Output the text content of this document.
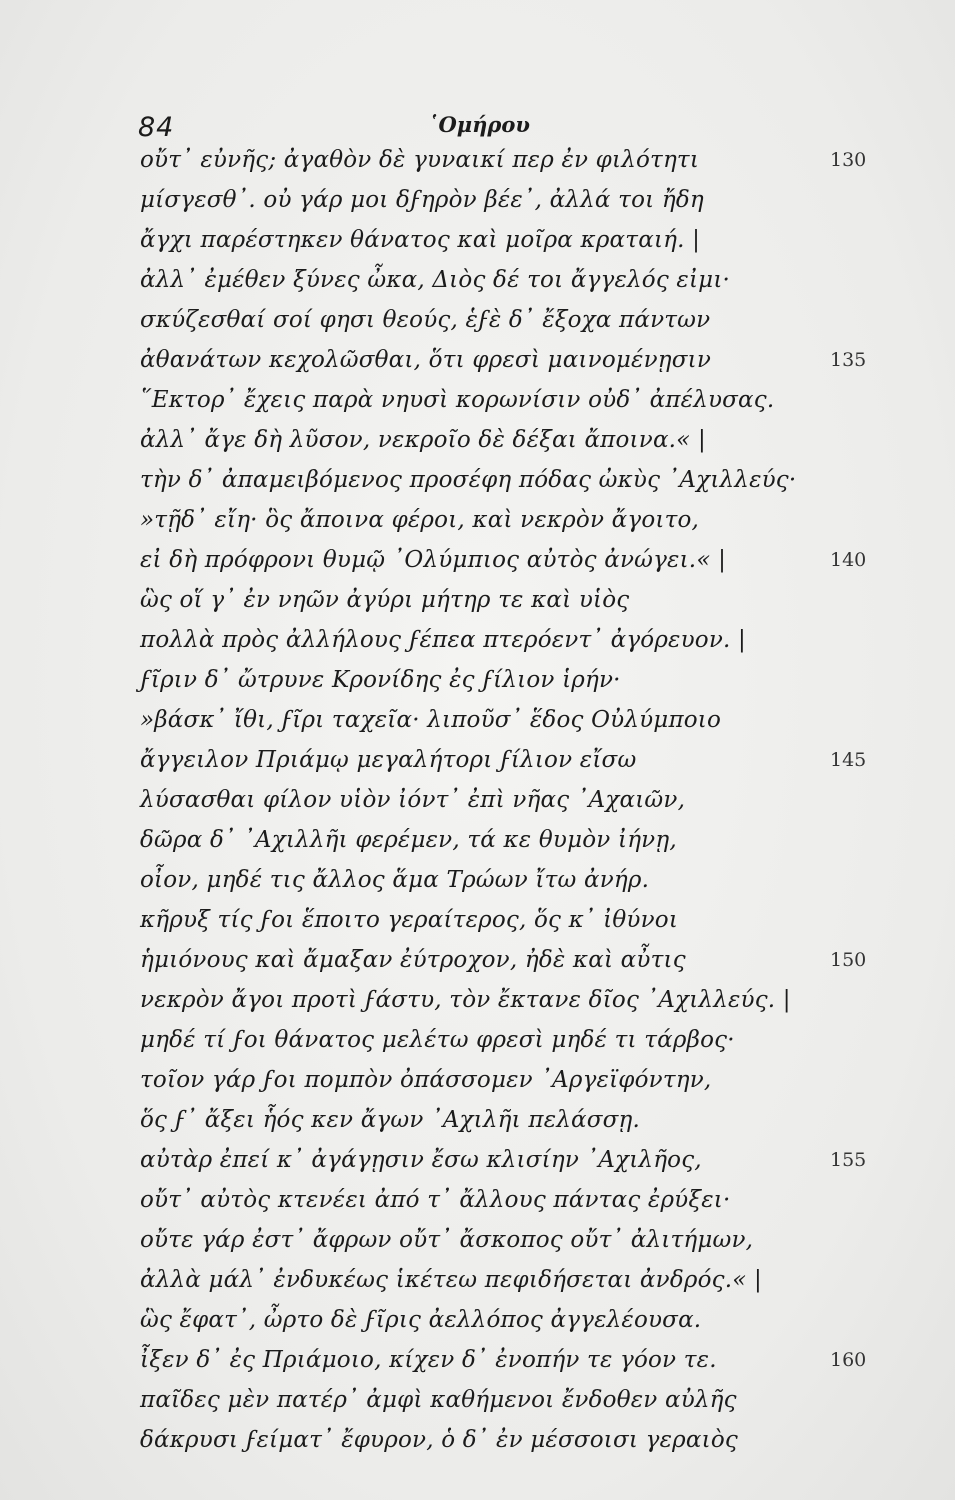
84	῾Ομήρου
οὔτ᾽ εὐνῆς; ἀγαθὸν δὲ γυναικί περ ἐν φιλότητι
μίσγεσθ᾽. οὐ γάρ μοι δϝηρὸν βέε᾽, ἀλλά τοι ἤδη
ἄγχι παρέστηκεν θάνατος καὶ μοῖρα κραταιή. |
ἀλλ᾽ ἐμέθεν ξύνες ὦκα, Διὸς δέ τοι ἄγγελός εἰμι·
σκύζεσθαί σοί φησι θεούς, ἑϝὲ δ᾽ ἔξοχα πάντων
ἀθανάτων κεχολῶσθαι, ὅτι φρεσὶ μαινομένῃσιν
῞Εκτορ᾽ ἔχεις παρὰ νηυσὶ κορωνίσιν οὐδ᾽ ἀπέλυσας.
ἀλλ᾽ ἄγε δὴ λῦσον, νεκροῖο δὲ δέξαι ἄποινα.« |
τὴν δ᾽ ἀπαμειβόμενος προσέφη πόδας ὠκὺς ᾿Αχιλλεύς·
»τῇδ᾽ εἴη· ὃς ἄποινα φέροι, καὶ νεκρὸν ἄγοιτο,
εἰ δὴ πρόφρονι θυμῷ ᾿Ολύμπιος αὐτὸς ἀνώγει.« |
ὣς οἵ γ᾽ ἐν νηῶν ἀγύρι μήτηρ τε καὶ υἱὸς
πολλὰ πρὸς ἀλλήλους ϝέπεα πτερόεντ᾽ ἀγόρευον. |
ϝῖριν δ᾽ ὤτρυνε Κρονίδης ἐς ϝίλιον ἱρήν·
»βάσκ᾽ ἴθι, ϝῖρι ταχεῖα· λιποῦσ᾽ ἕδος Οὐλύμποιο
ἄγγειλον Πριάμῳ μεγαλήτορι ϝίλιον εἴσω
λύσασθαι φίλον υἱὸν ἰόντ᾽ ἐπὶ νῆας ᾿Αχαιῶν,
δῶρα δ᾽ ᾿Αχιλλῆι φερέμεν, τά κε θυμὸν ἰήνῃ,
οἶον, μηδέ τις ἄλλος ἅμα Τρώων ἴτω ἀνήρ.
κῆρυξ τίς ϝοι ἕποιτο γεραίτερος, ὅς κ᾽ ἰθύνοι
ἡμιόνους καὶ ἄμαξαν ἐύτροχον, ἠδὲ καὶ αὖτις
νεκρὸν ἄγοι προτὶ ϝάστυ, τὸν ἔκτανε δῖος ᾿Αχιλλεύς. |
μηδέ τί ϝοι θάνατος μελέτω φρεσὶ μηδέ τι τάρβος·
τοῖον γάρ ϝοι πομπὸν ὀπάσσομεν ᾿Αργεϊφόντην,
ὅς ϝ᾽ ἄξει ἧός κεν ἄγων ᾿Αχιλῆι πελάσσῃ.
αὐτὰρ ἐπεί κ᾽ ἀγάγῃσιν ἔσω κλισίην ᾿Αχιλῆος,
οὔτ᾽ αὐτὸς κτενέει ἀπό τ᾽ ἄλλους πάντας ἐρύξει·
οὔτε γάρ ἐστ᾽ ἄφρων οὔτ᾽ ἄσκοπος οὔτ᾽ ἀλιτήμων,
ἀλλὰ μάλ᾽ ἐνδυκέως ἱκέτεω πεφιδήσεται ἀνδρός.« |
ὣς ἔφατ᾽, ὦρτο δὲ ϝῖρις ἀελλόπος ἀγγελέουσα.
ἶξεν δ᾽ ἐς Πριάμοιο, κίχεν δ᾽ ἐνοπήν τε γόον τε.
παῖδες μὲν πατέρ᾽ ἀμφὶ καθήμενοι ἔνδοθεν αὐλῆς
δάκρυσι ϝείματ᾽ ἔφυρον, ὁ δ᾽ ἐν μέσσοισι γεραιὸς
130
135
140
145
150
155
160
